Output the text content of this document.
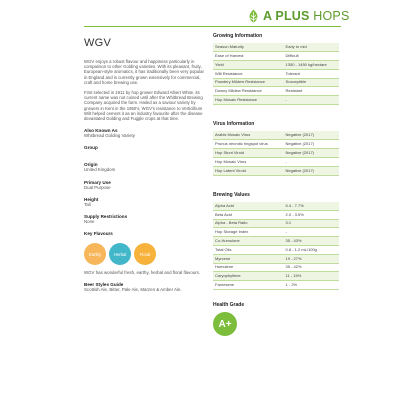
A PLUS HOPS
WGV
WGV enjoys a robust flavour and happiness particularly in comparison to other Golding varieties. With its pleasant, fruity, European-style aromatics, it has traditionally been very popular in England and is currently grown extensively for commercial, craft and home brewing use.
First selected in 1911 by hop grower Edward Albert White, its current name was not coined until after the Whitbread Brewing Company acquired the farm. Hailed as a saviour variety by growers in Kent in the 1950's, WGV's resistance to Verticillium Wilt helped cement it as an industry favourite after the disease devastated Golding and Fuggle crops at that time.
Also Known As
Whitbread Golding Variety
Group
Origin
United Kingdom
Primary Use
Dual Purpose
Height
Tall
Supply Restrictions
None
Key Flavours
Earthy	Herbal	Floral
WGV has wonderful fresh, earthy, herbal and floral flavours.
Beer Styles Guide
Scottish Ale, Bitter, Pale Ale, Marzen & Amber Ale.
Growing Information
Season Maturity	Early to mid
Ease of Harvest	Difficult
Yield	1350 - 1450 kg/hectare
Wilt Resistance	Tolerant
Powdery Mildew Resistance	Susceptible
Downy Mildew Resistance	Resistant
Hop Mosaic Resistance	-
Virus Information
Arabis Mosaic Virus	Negative (2017)
Prunus necrotic ringspot virus	Negative (2017)
Hop Stunt Viroid	Negative (2017)
Hop Mosaic Virus	-
Hop Latent Viroid	Negative (2017)
Brewing Values
Alpha Acid	5.4 - 7.7%
Beta Acid	2.0 - 3.5%
Alpha - Beta Ratio	3:1
Hop Storage Index	-
Co-Humulone	35 - 43%
Total Oils	0.8 - 1.2 mL/100g
Myrcene	19 - 27%
Humulene	35 - 42%
Caryophyllene	11 - 15%
Farnesene	1 - 2%
Health Grade
A+
